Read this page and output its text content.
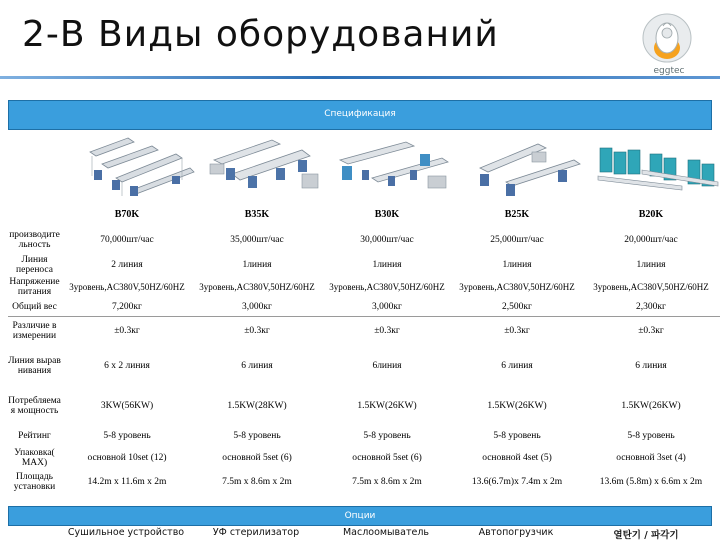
2-В Виды оборудований
eggtec
Спецификация
	B70K	B35K	B30K	B25K	B20K
производительность	70,000шт/час	35,000шт/час	30,000шт/час	25,000шт/час	20,000шт/час
Линия переноса	2 линия	1линия	1линия	1линия	1линия
Напряжение питания	3уровень,AC380V,50HZ/60HZ	3уровень,AC380V,50HZ/60HZ	3уровень,AC380V,50HZ/60HZ	3уровень,AC380V,50HZ/60HZ	3уровень,AC380V,50HZ/60HZ
Общий вес	7,200кг	3,000кг	3,000кг	2,500кг	2,300кг
Различие в измерении	±0.3кг	±0.3кг	±0.3кг	±0.3кг	±0.3кг
Линия выравнивания	6 x 2 линия	6 линия	6линия	6 линия	6 линия
Потребляемая мощность	3KW(56KW)	1.5KW(28KW)	1.5KW(26KW)	1.5KW(26KW)	1.5KW(26KW)
Рейтинг	5-8 уровень	5-8 уровень	5-8 уровень	5-8 уровень	5-8 уровень
Упаковка( MAX)	основной 10set (12)	основной 5set (6)	основной 5set (6)	основной 4set (5)	основной 3set (4)
Площадь установки	14.2m x 11.6m x 2m	7.5m x 8.6m x 2m	7.5m x 8.6m x 2m	13.6(6.7m)x 7.4m x 2m	13.6m (5.8m) x 6.6m x 2m
Опции
Сушильное устройство	УФ стерилизатор	Маслоомыватель	Автопогрузчик	열탄기 / 파각기
